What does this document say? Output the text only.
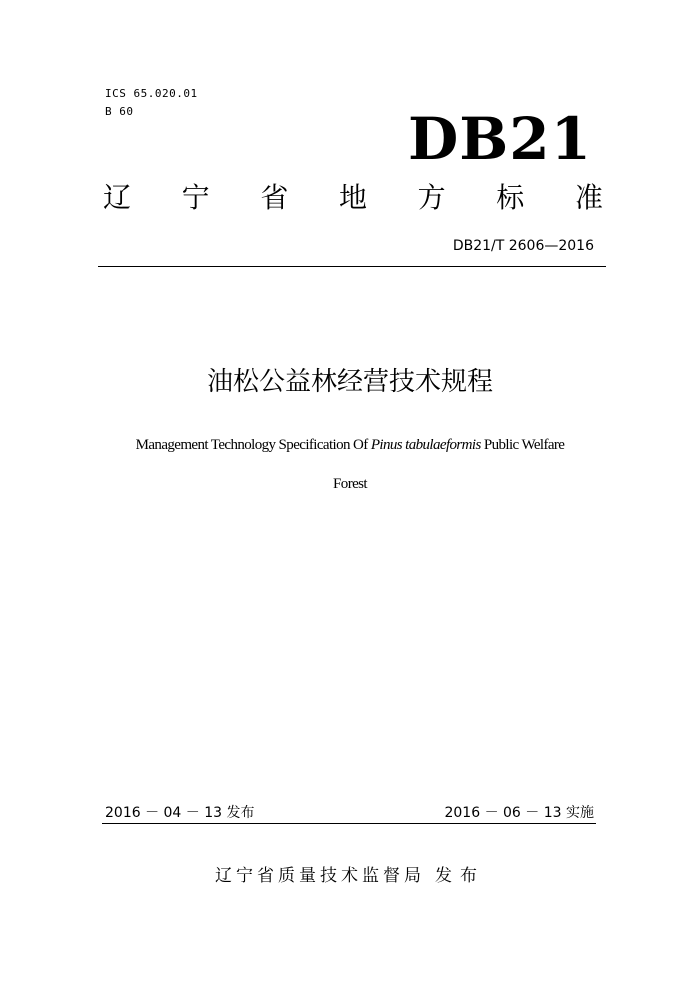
ICS 65.020.01
B 60	DB21
辽 宁 省 地 方 标 准
DB21/T 2606—2016
油松公益林经营技术规程
Management Technology Specification Of Pinus tabulaeformis Public Welfare
Forest
2016 － 04 － 13 发布	2016 － 06 － 13 实施
辽宁省质量技术监督局 发布
